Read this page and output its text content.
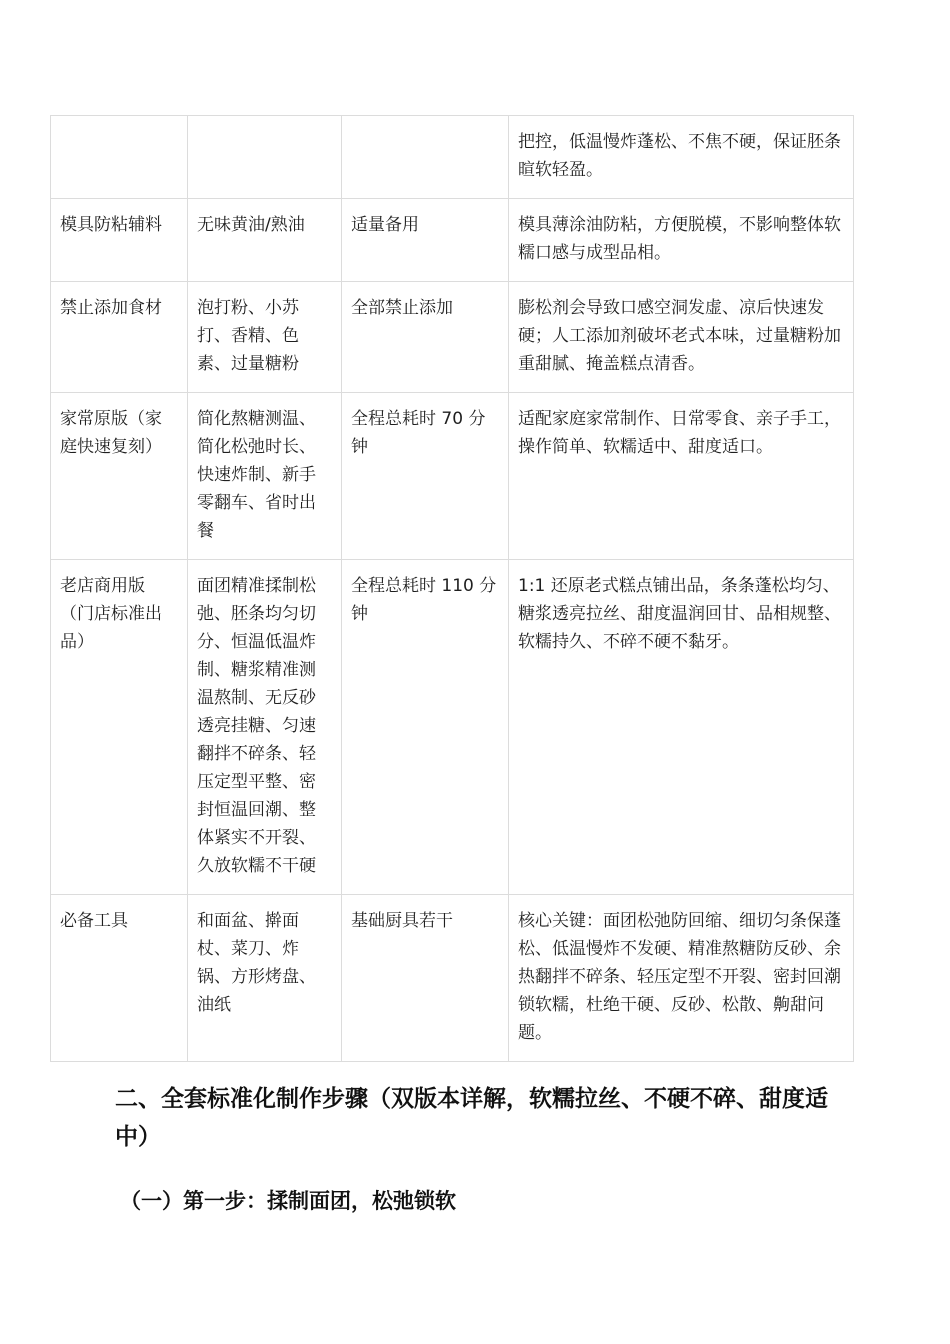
			把控，低温慢炸蓬松、不焦不硬，保证胚条暄软轻盈。
模具防粘辅料	无味黄油/熟油	适量备用	模具薄涂油防粘，方便脱模，不影响整体软糯口感与成型品相。
禁止添加食材	泡打粉、小苏打、香精、色素、过量糖粉	全部禁止添加	膨松剂会导致口感空洞发虚、凉后快速发硬；人工添加剂破坏老式本味，过量糖粉加重甜腻、掩盖糕点清香。
家常原版（家庭快速复刻）	简化熬糖测温、简化松弛时长、快速炸制、新手零翻车、省时出餐	全程总耗时 70 分钟	适配家庭家常制作、日常零食、亲子手工，操作简单、软糯适中、甜度适口。
老店商用版（门店标准出品）	面团精准揉制松弛、胚条均匀切分、恒温低温炸制、糖浆精准测温熬制、无反砂透亮挂糖、匀速翻拌不碎条、轻压定型平整、密封恒温回潮、整体紧实不开裂、久放软糯不干硬	全程总耗时 110 分钟	1:1 还原老式糕点铺出品，条条蓬松均匀、糖浆透亮拉丝、甜度温润回甘、品相规整、软糯持久、不碎不硬不黏牙。
必备工具	和面盆、擀面杖、菜刀、炸锅、方形烤盘、油纸	基础厨具若干	核心关键：面团松弛防回缩、细切匀条保蓬松、低温慢炸不发硬、精准熬糖防反砂、余热翻拌不碎条、轻压定型不开裂、密封回潮锁软糯，杜绝干硬、反砂、松散、齁甜问题。
二、全套标准化制作步骤（双版本详解，软糯拉丝、不硬不碎、甜度适中）
（一）第一步：揉制面团，松弛锁软
